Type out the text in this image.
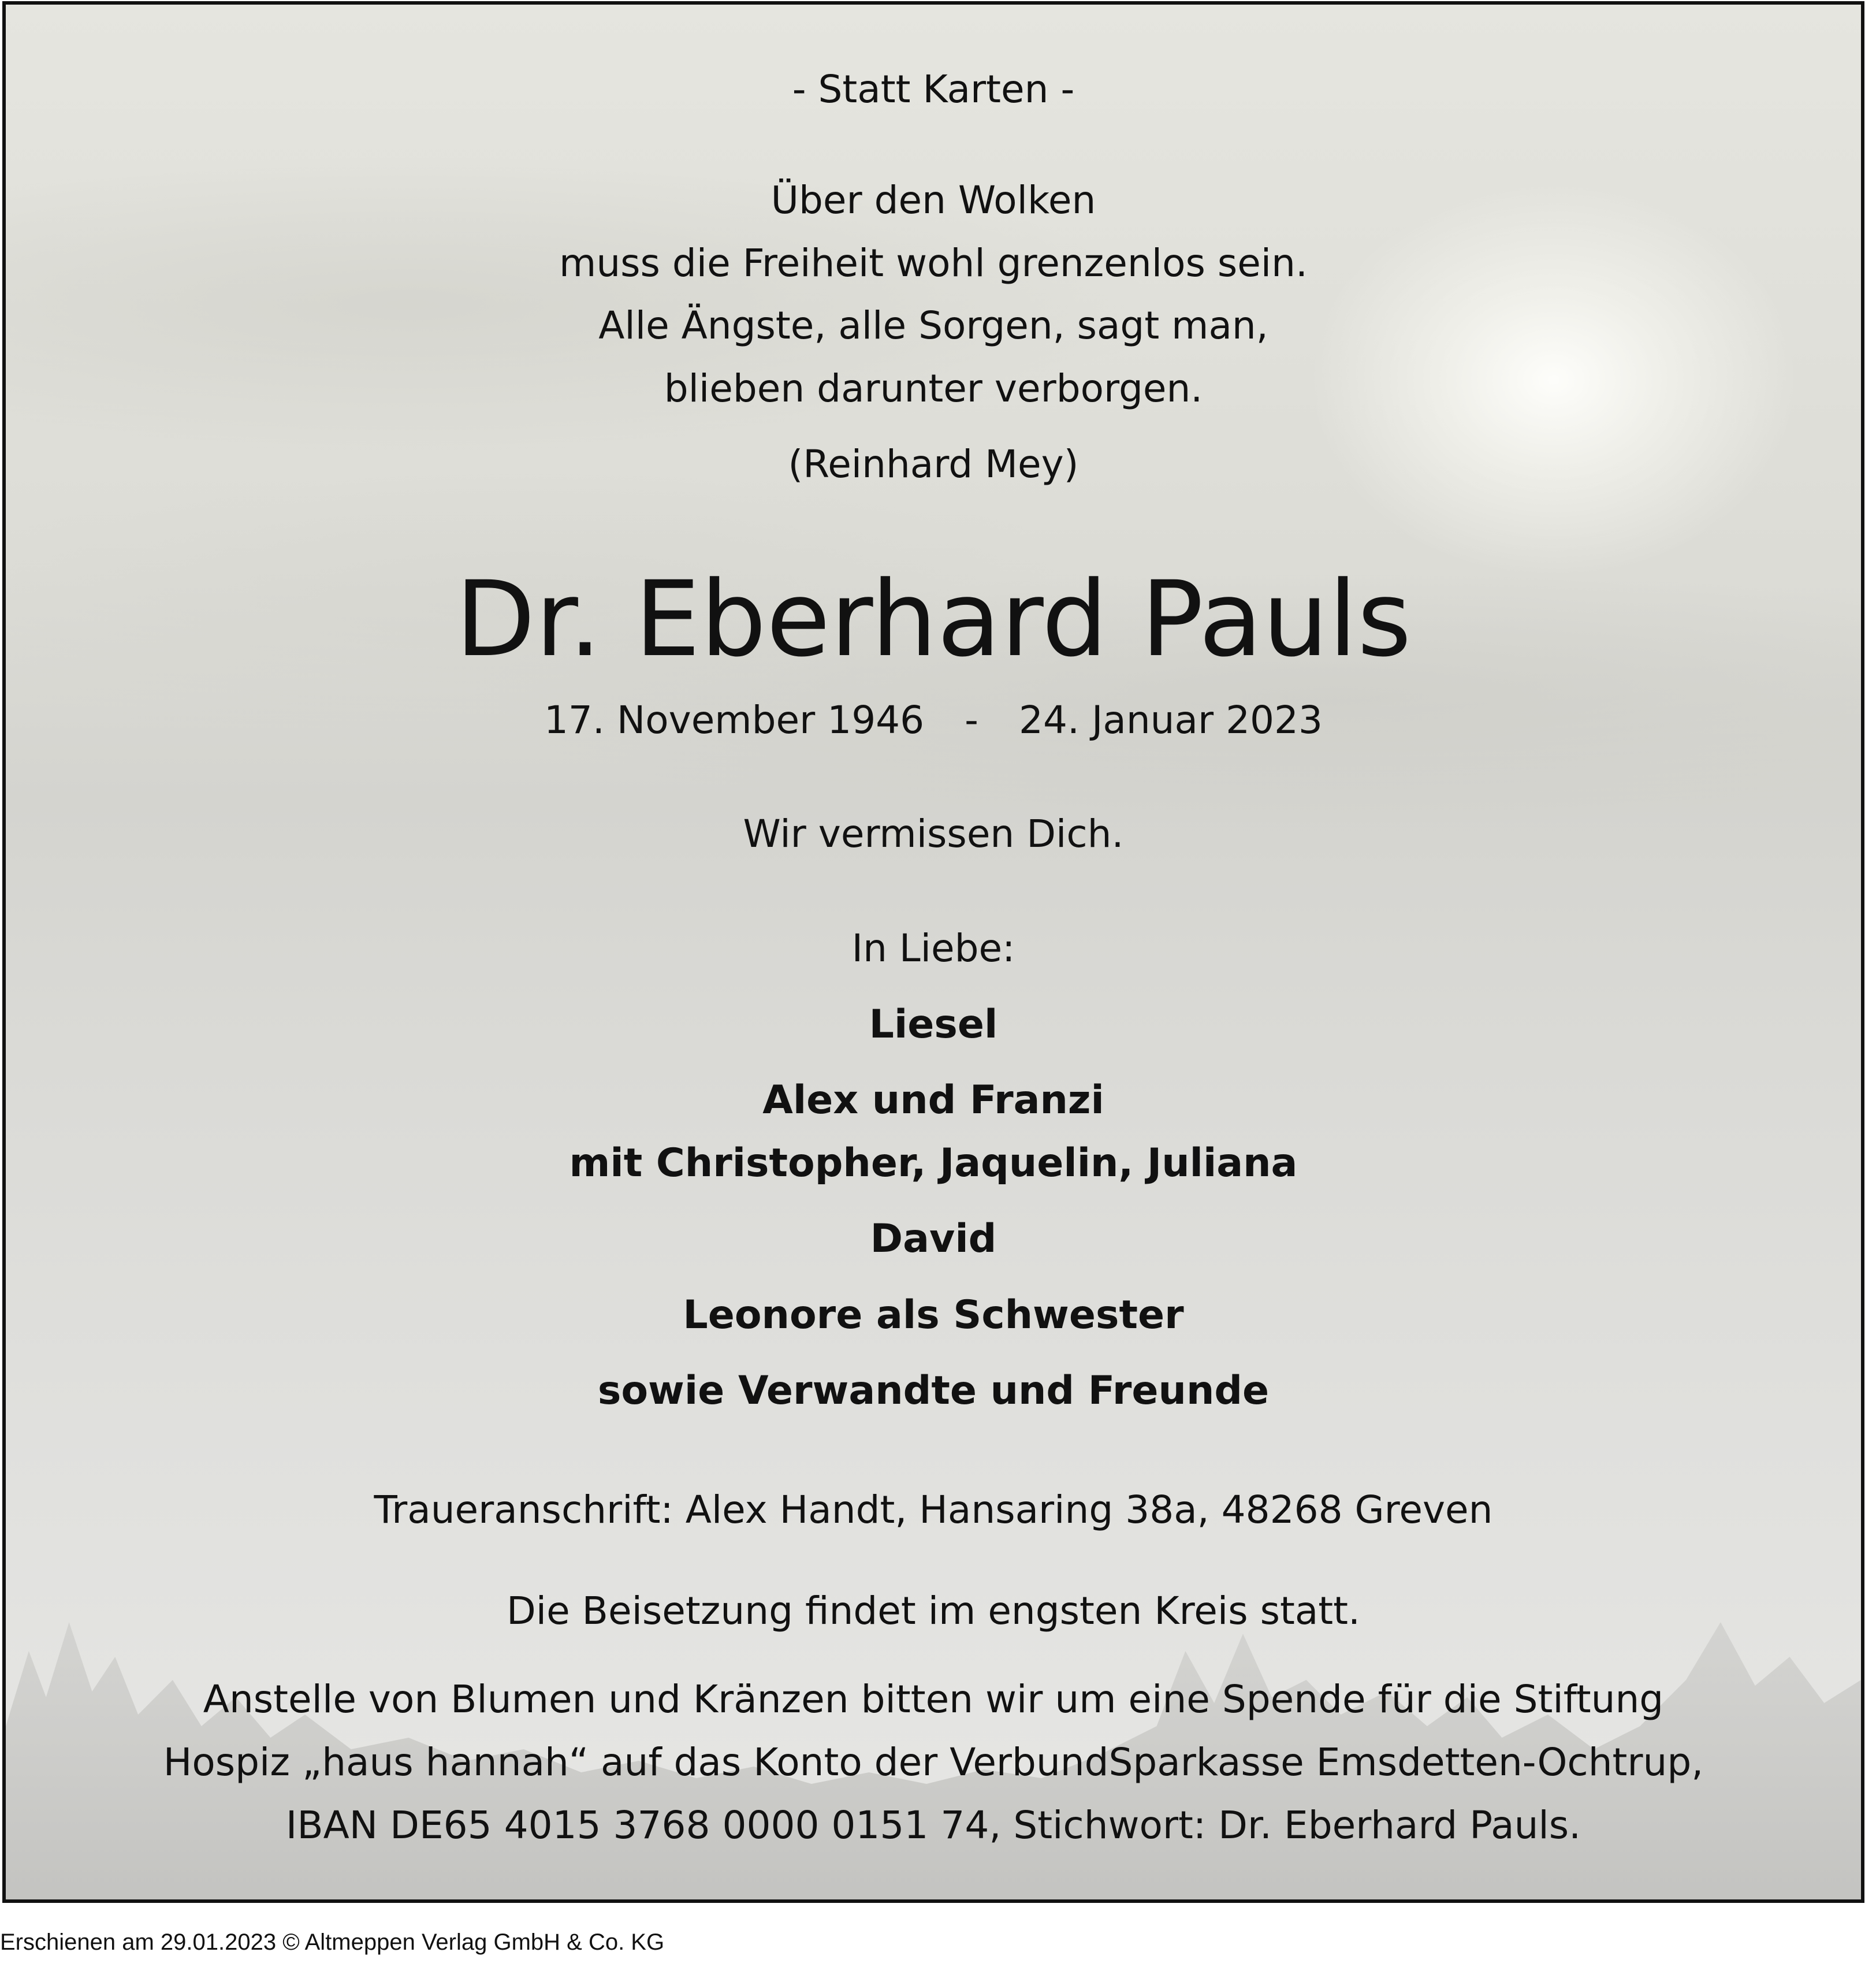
- Statt Karten -
Über den Wolken
muss die Freiheit wohl grenzenlos sein.
Alle Ängste, alle Sorgen, sagt man,
blieben darunter verborgen.
(Reinhard Mey)
Dr. Eberhard Pauls
17. November 1946 - 24. Januar 2023
Wir vermissen Dich.
In Liebe:
Liesel
Alex und Franzi
mit Christopher, Jaquelin, Juliana
David
Leonore als Schwester
sowie Verwandte und Freunde
Traueranschrift: Alex Handt, Hansaring 38a, 48268 Greven
Die Beisetzung findet im engsten Kreis statt.
Anstelle von Blumen und Kränzen bitten wir um eine Spende für die Stiftung
Hospiz „haus hannah“ auf das Konto der VerbundSparkasse Emsdetten-Ochtrup,
IBAN DE65 4015 3768 0000 0151 74, Stichwort: Dr. Eberhard Pauls.
Erschienen am 29.01.2023 © Altmeppen Verlag GmbH & Co. KG
